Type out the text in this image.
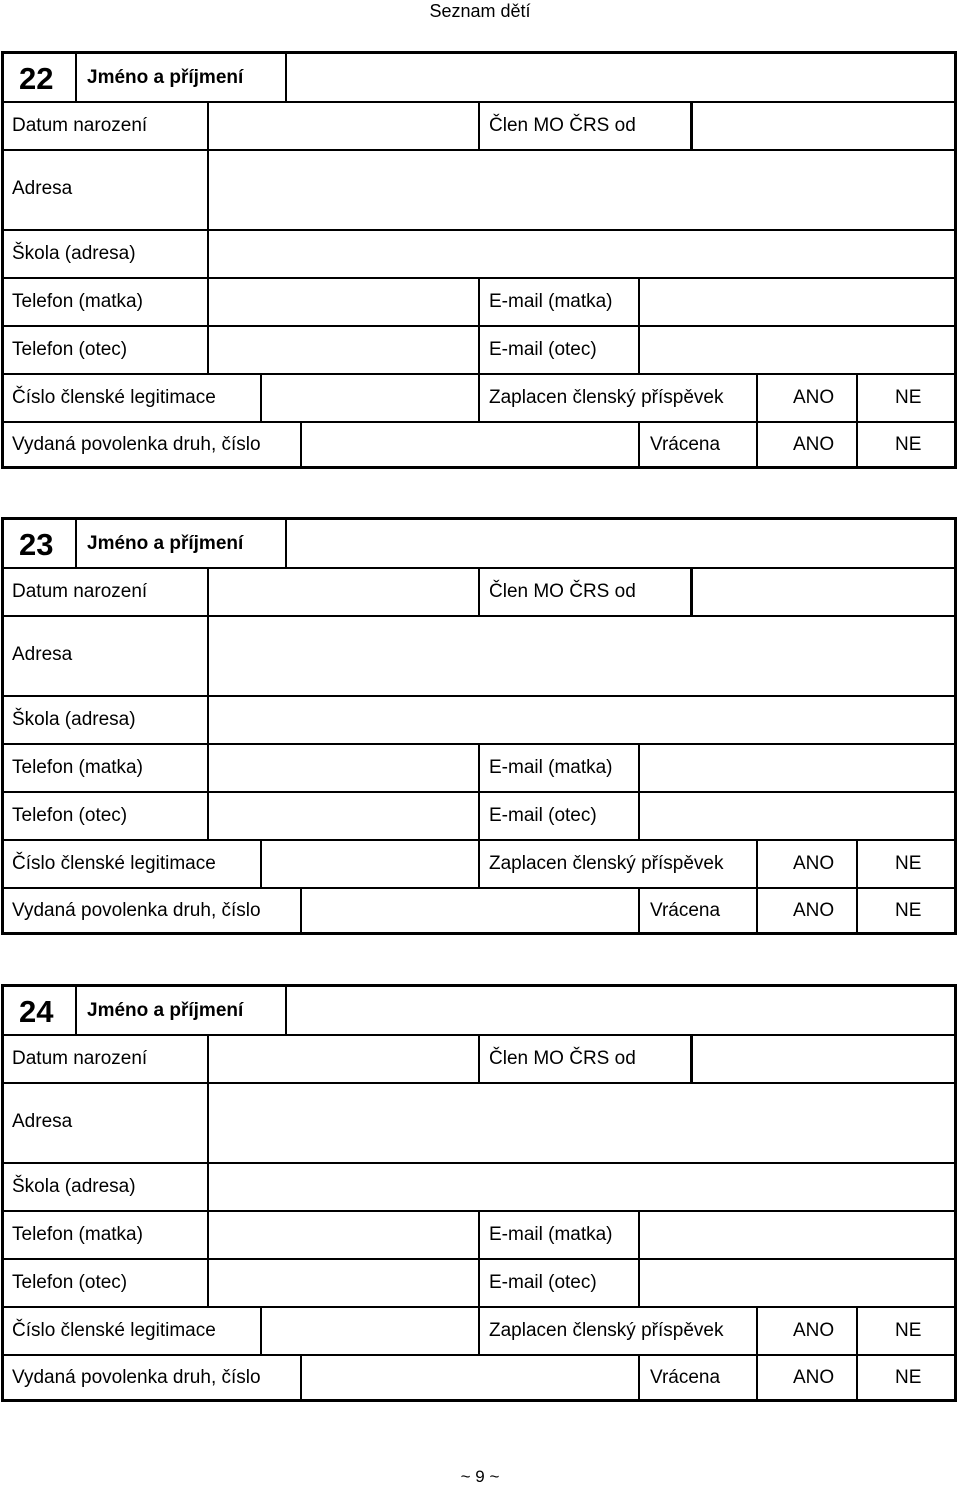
Seznam dětí
22 Jméno a příjmení
Datum narození	Člen MO ČRS od
Adresa
Škola (adresa)
Telefon (matka)	E-mail (matka)
Telefon (otec)	E-mail (otec)
Číslo členské legitimace	Zaplacen členský příspěvek	ANO	NE
Vydaná povolenka druh, číslo	Vrácena	ANO	NE
23 Jméno a příjmení
Datum narození	Člen MO ČRS od
Adresa
Škola (adresa)
Telefon (matka)	E-mail (matka)
Telefon (otec)	E-mail (otec)
Číslo členské legitimace	Zaplacen členský příspěvek	ANO	NE
Vydaná povolenka druh, číslo	Vrácena	ANO	NE
24 Jméno a příjmení
Datum narození	Člen MO ČRS od
Adresa
Škola (adresa)
Telefon (matka)	E-mail (matka)
Telefon (otec)	E-mail (otec)
Číslo členské legitimace	Zaplacen členský příspěvek	ANO	NE
Vydaná povolenka druh, číslo	Vrácena	ANO	NE
~ 9 ~
